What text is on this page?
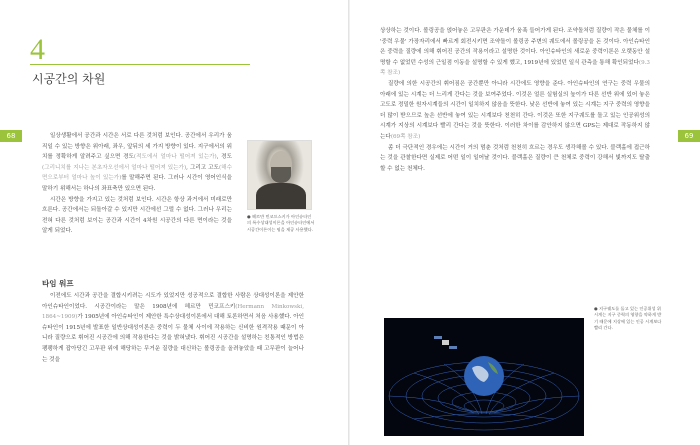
68
4
시공간의 차원

일상생활에서 공간과 시간은 서로 다른 것처럼 보인다. 공간에서 우리가 움직일 수 있는 방향은 위아래, 좌우, 앞뒤의 세 가지 방향이 있다. 지구에서의 위치를 정확하게 알려주고 싶으면 경도(적도에서 얼마나 떨어져 있는가), 경도(그리니치를 지나는 본초자오선에서 얼마나 떨어져 있는가), 그리고 고도(해수면으로부터 얼마나 높이 있는가)를 말해주면 된다. 그러나 시간이 영어인식을 말하기 위해서는 하나의 좌표축만 있으면 된다.

시간은 방향을 가지고 있는 것처럼 보인다. 시간은 항상 과거에서 미래로만 흐른다. 공간에서는 되돌아갈 수 있지만 시간에선 그럴 수 없다. 그러나 우리는 전혀 다른 것처럼 보이는 공간과 시간이 4차원 시공간의 다른 면이라는 것을 알게 되었다.

● 헤르만 민코프스키가 아인슈타인의 특수상대성이론을 아인슈타인에서 시공간이론이는 핑을 제공 사용했다.
타임 워프

이전에도 시간과 공간을 결합시키려는 시도가 있었지만 성공적으로 결합한 사람은 상대성이론을 제안한 아인슈타인이었다. 시공간이라는 말은 1908년에 헤르만 민코프스키(Hermann Minkowski, 1864~1909)가 1905년에 아인슈타인이 제안한 특수상대성이론에서 대해 토론하면서 처음 사용했다. 아인슈타인이 1915년에 발표한 일반상대성이론은 중력이 두 물체 사이에 작용하는 신비한 원격작용 때문이 아니라 질량으로 휘어진 시공간에 의해 작용한다는 것을 밝혀냈다. 휘어진 시공간을 설명하는 친통적인 방법은 팽팽하게 잡아당긴 고무판 위에 해당하는 무거운 질량을 대신하는 볼링공을 올려놓았을 때 고무판이 늘어나는 것을

69

상상하는 것이다. 볼링공을 얹어놓은 고무판은 가운데가 움푹 들어가게 된다. 조약돌처럼 질량이 작은 물체를 이 '중력 우물' 가장자리에서 빠르게 회전시키면 조약돌이 볼링공 주변의 궤도에서 볼링공을 돈 것이다. 아인슈타인은 중력을 질량에 의해 휘어진 공간의 작용이라고 설명한 것이다. 아인슈타인의 새로운 중력이론은 오랫동안 설명할 수 없었던 수성의 근일점 이동을 설명할 수 있게 했고, 1919년에 있었던 일식 관측을 통해 확인되었다(9.3쪽 참조)

질량에 의한 시공간의 휘어짐은 공간뿐만 아니라 시간에도 영향을 준다. 아인슈타인의 연구는 중력 우물의 아래에 있는 시계는 더 느리게 간다는 것을 보여주었다. 이것은 얼른 실험실의 높이가 다른 선반 위에 있어 놓은 고도로 정밀한 원자시계들의 시간이 일치하지 않음을 뜻한다. 낮은 선반에 놓여 있는 시계는 지구 중력의 영향을 더 많이 받으므로 높은 선반에 놓여 있는 시계보다 천천히 간다. 이것은 또한 지구궤도를 돌고 있는 인공위성의 시계가 지상의 시계보다 빨리 간다는 것을 뜻한다. 이러한 차이를 감안하지 않으면 GPS는 제대로 작동하지 않는다(69쪽 참조)

좀 더 극단적인 경우에는 시간이 거의 멈춘 것처럼 천천히 흐르는 경우도 생각해볼 수 있다. 블랙홀에 접근하는 것을 관찰한다면 실제로 어떤 일이 일어날 것이다. 블랙홀은 질량이 큰 천체로 중력이 강해서 빛까지도 탈출할 수 없는 천체다.

● 지구궤도를 돌고 있는 인공위성 위 시계는 지구 중력의 영향을 약하게 받기 때문에 지상에 있는 인공 시계보다 빨리 간다.
